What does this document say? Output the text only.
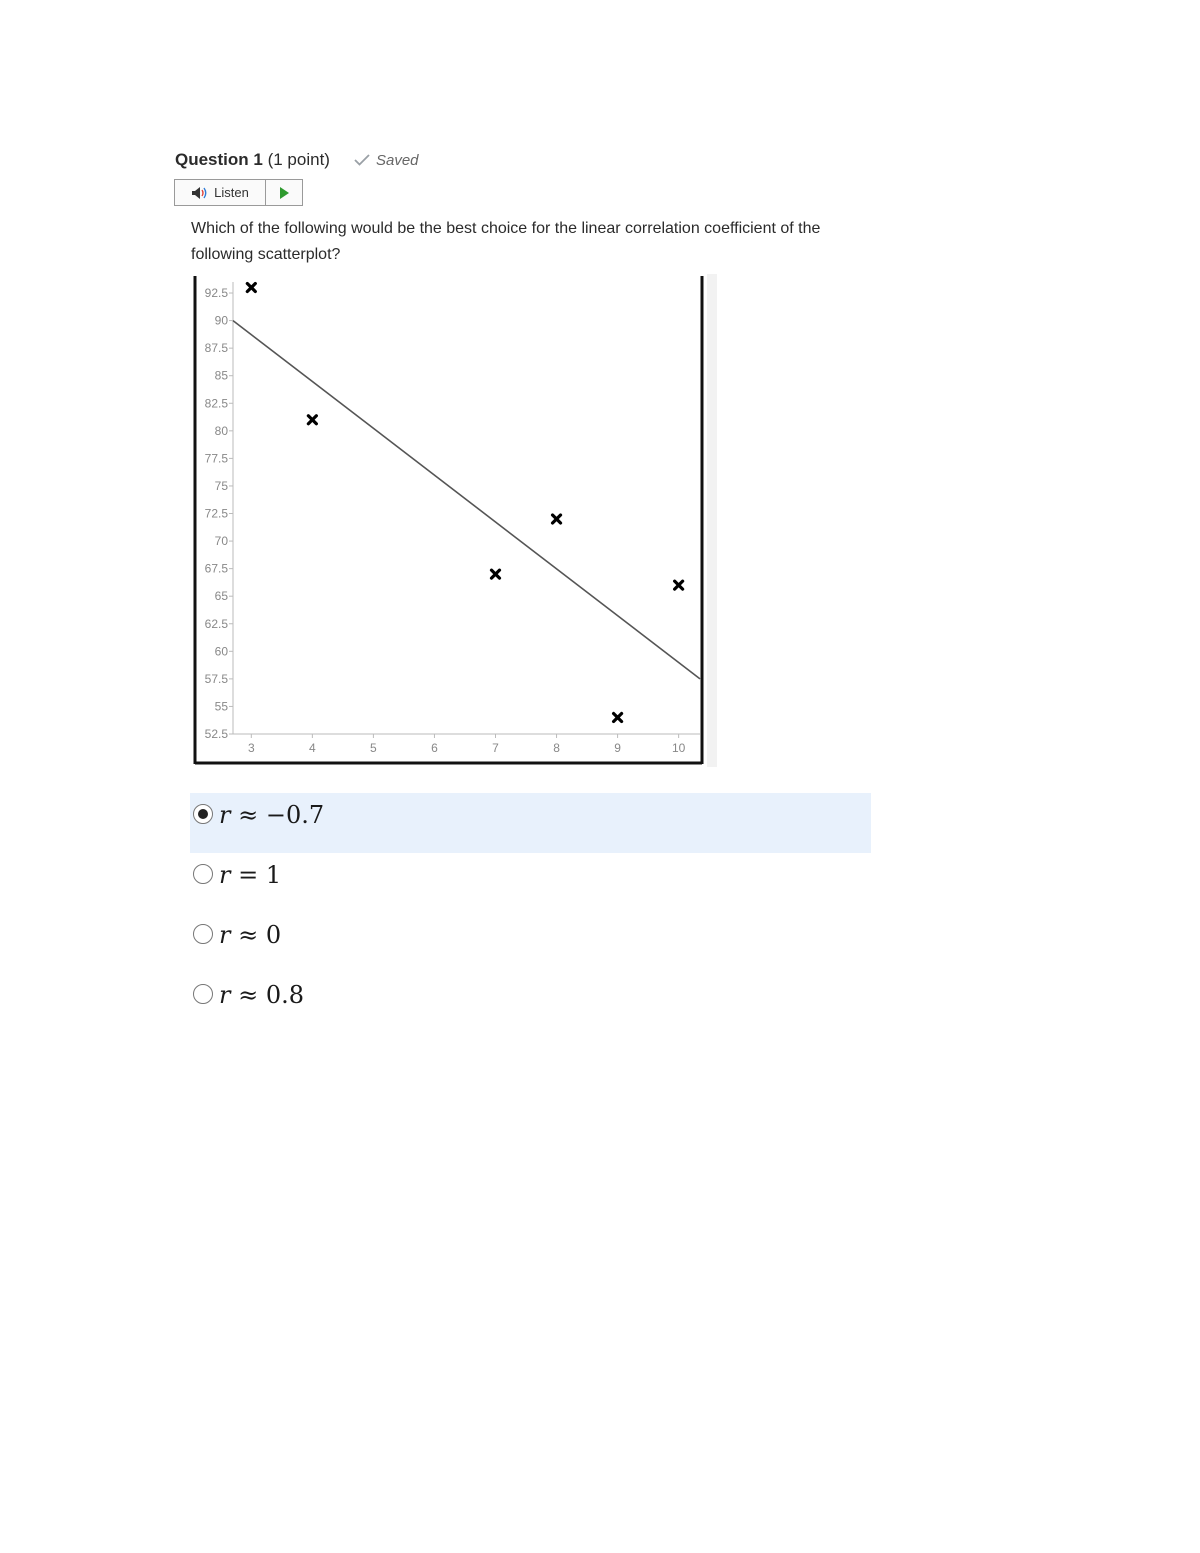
Question 1 (1 point)	Saved
Listen
Which of the following would be the best choice for the linear correlation coefficient of the following scatterplot?
52.5
55
57.5
60
62.5
65
67.5
70
72.5
75
77.5
80
82.5
85
87.5
90
92.5
3	4	5	6	7	8	9	10
r ≈ −0.7
r = 1
r ≈ 0
r ≈ 0.8
